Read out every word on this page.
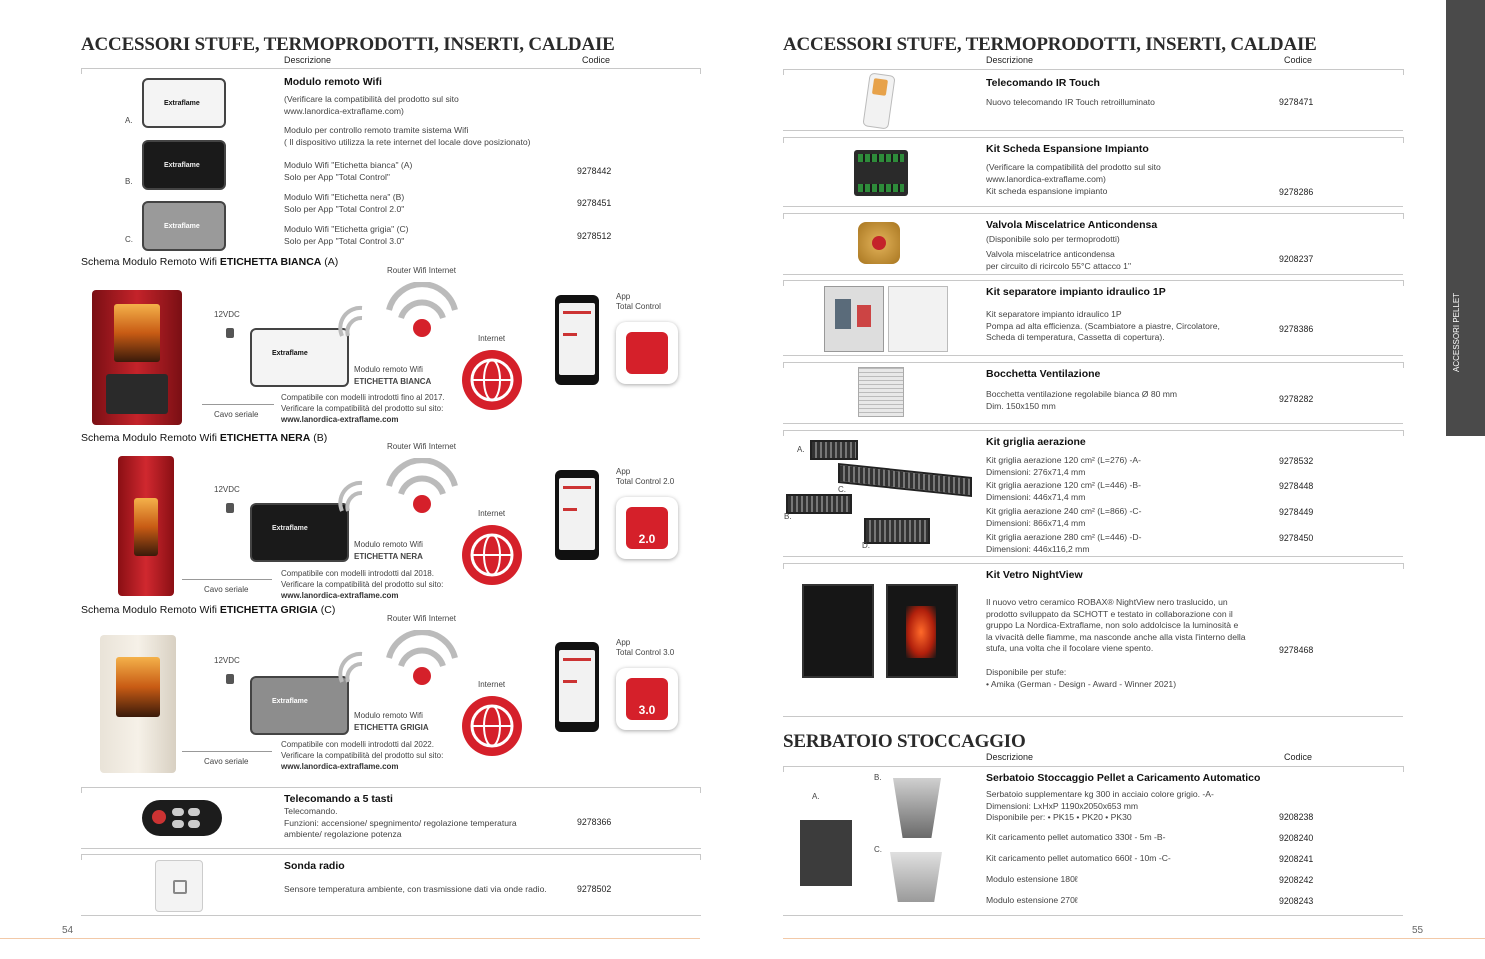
ACCESSORI STUFE, TERMOPRODOTTI, INSERTI, CALDAIE
Descrizione	Codice
Extraflame
Extraflame
Extraflame
A.
B.
C.
Modulo remoto Wifi
(Verificare la compatibilità del prodotto sul sito
www.lanordica-extraflame.com)
Modulo per controllo remoto tramite sistema Wifi
( Il dispositivo utilizza la rete internet del locale dove posizionato)
Modulo Wifi "Etichetta bianca" (A)
Solo per App "Total Control"
9278442
Modulo Wifi "Etichetta nera" (B)
Solo per App "Total Control 2.0"
9278451
Modulo Wifi "Etichetta grigia" (C)
Solo per App "Total Control 3.0"	9278512
Schema Modulo Remoto Wifi ETICHETTA BIANCA (A)
Router Wifi Internet
12VDC
Extraflame
Internet
App
Total Control
Modulo remoto Wifi
ETICHETTA BIANCA
Cavo seriale
Compatibile con modelli introdotti fino al 2017.
Verificare la compatibilità del prodotto sul sito:
www.lanordica-extraflame.com
Schema Modulo Remoto Wifi ETICHETTA NERA (B)
Router Wifi Internet
12VDC
Extraflame
Internet
App
Total Control 2.0
2.0
Modulo remoto Wifi
ETICHETTA NERA
Cavo seriale
Compatibile con modelli introdotti dal 2018.
Verificare la compatibilità del prodotto sul sito:
www.lanordica-extraflame.com
Schema Modulo Remoto Wifi ETICHETTA GRIGIA (C)
Router Wifi Internet
12VDC
Extraflame
Internet
App
Total Control 3.0
3.0
Modulo remoto Wifi
ETICHETTA GRIGIA
Cavo seriale
Compatibile con modelli introdotti dal 2022.
Verificare la compatibilità del prodotto sul sito:
www.lanordica-extraflame.com
Telecomando a 5 tasti
Telecomando.
Funzioni: accensione/ spegnimento/ regolazione temperatura
ambiente/ regolazione potenza
9278366
Sonda radio
Sensore temperatura ambiente, con trasmissione dati via onde radio.	9278502
54
ACCESSORI STUFE, TERMOPRODOTTI, INSERTI, CALDAIE
Descrizione	Codice
Telecomando IR Touch
Nuovo telecomando IR Touch retroilluminato	9278471
Kit Scheda Espansione Impianto
(Verificare la compatibilità del prodotto sul sito
www.lanordica-extraflame.com)
Kit scheda espansione impianto	9278286
Valvola Miscelatrice Anticondensa
(Disponibile solo per termoprodotti)
Valvola miscelatrice anticondensa
per circuito di ricircolo 55°C attacco 1"
9208237
Kit separatore impianto idraulico 1P
Kit separatore impianto idraulico 1P
Pompa ad alta efficienza. (Scambiatore a piastre, Circolatore,
Scheda di temperatura, Cassetta di copertura).
9278386
Bocchetta Ventilazione
Bocchetta ventilazione regolabile bianca Ø 80 mm
Dim. 150x150 mm
9278282
A.
B.
C.
D.
Kit griglia aerazione
Kit griglia aerazione 120 cm² (L=276) -A-
Dimensioni: 276x71,4 mm
9278532
Kit griglia aerazione 120 cm² (L=446) -B-
Dimensioni: 446x71,4 mm
9278448
Kit griglia aerazione 240 cm² (L=866) -C-
Dimensioni: 866x71,4 mm
9278449
Kit griglia aerazione 280 cm² (L=446) -D-
Dimensioni: 446x116,2 mm
9278450
Kit Vetro NightView
Il nuovo vetro ceramico ROBAX® NightView nero traslucido, un
prodotto sviluppato da SCHOTT e testato in collaborazione con il
gruppo La Nordica-Extraflame, non solo addolcisce la luminosità e
la vivacità delle fiamme, ma nasconde anche alla vista l'interno della
stufa, una volta che il focolare viene spento.
Disponibile per stufe:
• Amika (German - Design - Award - Winner 2021)
9278468
SERBATOIO STOCCAGGIO
Descrizione	Codice
A.
B.
C.
Serbatoio Stoccaggio Pellet a Caricamento Automatico
Serbatoio supplementare kg 300 in acciaio colore grigio. -A-
Dimensioni: LxHxP 1190x2050x653 mm
Disponibile per: • PK15 • PK20 • PK30	9208238
Kit caricamento pellet automatico 330ℓ - 5m -B-	9208240
Kit caricamento pellet automatico 660ℓ - 10m -C-	9208241
Modulo estensione 180ℓ	9208242
Modulo estensione 270ℓ	9208243
55
ACCESSORI PELLET
